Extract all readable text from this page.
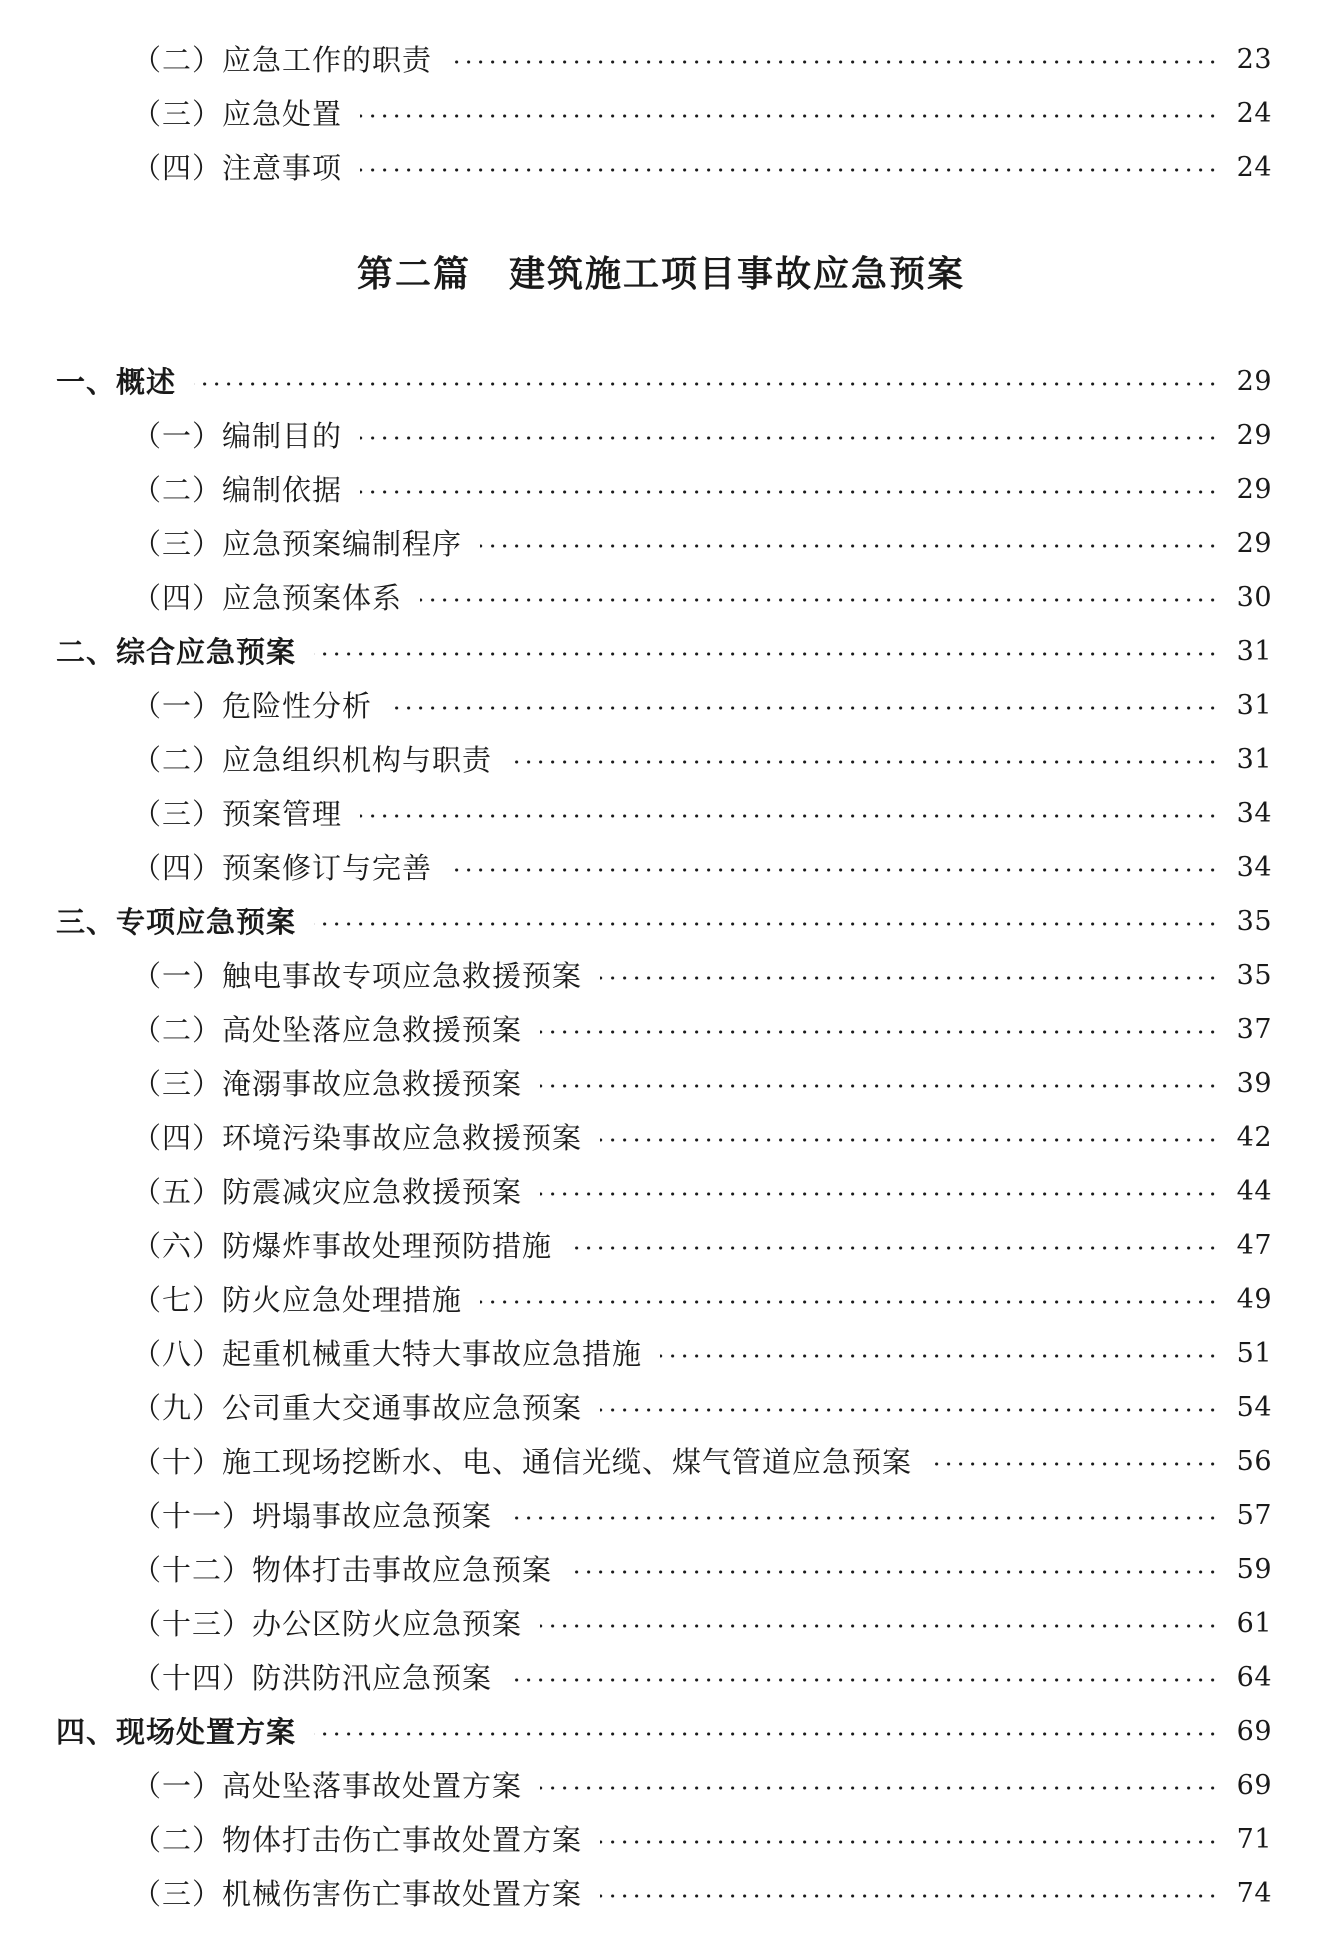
（二）应急工作的职责	23
（三）应急处置	24
（四）注意事项	24
第二篇　建筑施工项目事故应急预案
一、概述	29
（一）编制目的	29
（二）编制依据	29
（三）应急预案编制程序	29
（四）应急预案体系	30
二、综合应急预案	31
（一）危险性分析	31
（二）应急组织机构与职责	31
（三）预案管理	34
（四）预案修订与完善	34
三、专项应急预案	35
（一）触电事故专项应急救援预案	35
（二）高处坠落应急救援预案	37
（三）淹溺事故应急救援预案	39
（四）环境污染事故应急救援预案	42
（五）防震减灾应急救援预案	44
（六）防爆炸事故处理预防措施	47
（七）防火应急处理措施	49
（八）起重机械重大特大事故应急措施	51
（九）公司重大交通事故应急预案	54
（十）施工现场挖断水、电、通信光缆、煤气管道应急预案	56
（十一）坍塌事故应急预案	57
（十二）物体打击事故应急预案	59
（十三）办公区防火应急预案	61
（十四）防洪防汛应急预案	64
四、现场处置方案	69
（一）高处坠落事故处置方案	69
（二）物体打击伤亡事故处置方案	71
（三）机械伤害伤亡事故处置方案	74
